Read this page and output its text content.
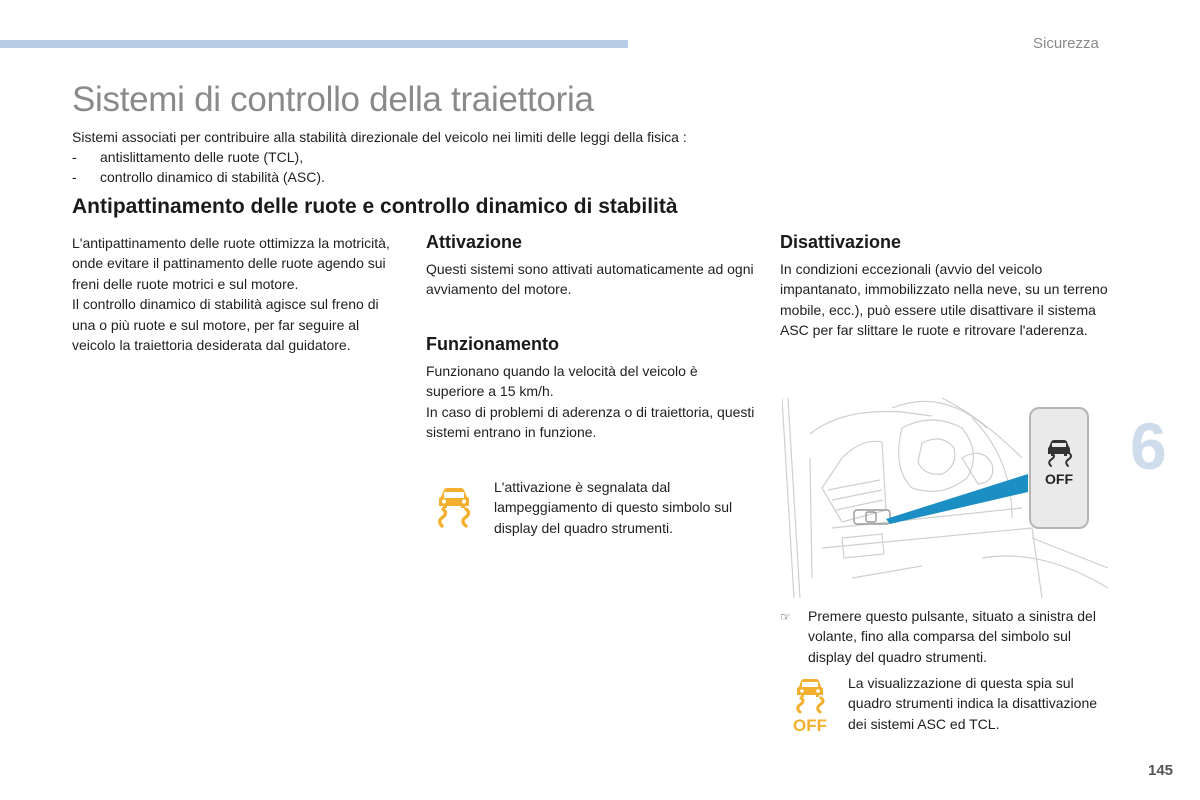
Sicurezza
Sistemi di controllo della traiettoria
Sistemi associati per contribuire alla stabilità direzionale del veicolo nei limiti delle leggi della fisica :
-	antislittamento delle ruote (TCL),
-	controllo dinamico di stabilità (ASC).
Antipattinamento delle ruote e controllo dinamico di stabilità
L'antipattinamento delle ruote ottimizza la motricità, onde evitare il pattinamento delle ruote agendo sui freni delle ruote motrici e sul motore.
Il controllo dinamico di stabilità agisce sul freno di una o più ruote e sul motore, per far seguire al veicolo la traiettoria desiderata dal guidatore.
Attivazione
Questi sistemi sono attivati automaticamente ad ogni avviamento del motore.
Funzionamento
Funzionano quando la velocità del veicolo è superiore a 15 km/h.
In caso di problemi di aderenza o di traiettoria, questi sistemi entrano in funzione.
L'attivazione è segnalata dal lampeggiamento di questo simbolo sul display del quadro strumenti.
Disattivazione
In condizioni eccezionali (avvio del veicolo impantanato, immobilizzato nella neve, su un terreno mobile, ecc.), può essere utile disattivare il sistema ASC per far slittare le ruote e ritrovare l'aderenza.
OFF
☞	Premere questo pulsante, situato a sinistra del volante, fino alla comparsa del simbolo sul display del quadro strumenti.
OFF
La visualizzazione di questa spia sul quadro strumenti indica la disattivazione dei sistemi ASC ed TCL.
6
145
